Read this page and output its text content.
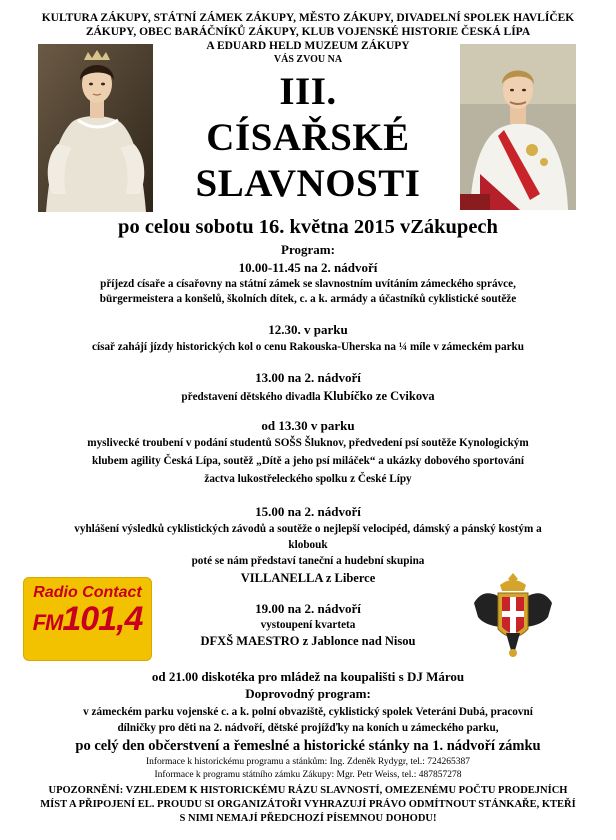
KULTURA ZÁKUPY, STÁTNÍ ZÁMEK ZÁKUPY, MĚSTO ZÁKUPY, DIVADELNÍ SPOLEK HAVLÍČEK
ZÁKUPY, OBEC BARÁČNÍKŮ ZÁKUPY, KLUB VOJENSKÉ HISTORIE ČESKÁ LÍPA
A EDUARD HELD MUZEUM ZÁKUPY
VÁS ZVOU NA
III.
CÍSAŘSKÉ
SLAVNOSTI
po celou sobotu 16. května 2015 vZákupech
Program:
10.00-11.45 na 2. nádvoří
příjezd císaře a císařovny na státní zámek se slavnostním uvítáním zámeckého správce,
bürgermeistera a konšelů, školních dítek, c. a k. armády a účastníků cyklistické soutěže
12.30. v parku
císař zahájí jízdy historických kol o cenu Rakouska-Uherska na ¼ míle v zámeckém parku
13.00 na 2. nádvoří
představení dětského divadla Klubíčko ze Cvikova
od 13.30 v parku
myslivecké troubení v podání studentů SOŠS Šluknov, předvedení psí soutěže Kynologickým
klubem agility Česká Lípa, soutěž „Dítě a jeho psí miláček“ a ukázky dobového sportování
žactva lukostřeleckého spolku z České Lípy
15.00 na 2. nádvoří
vyhlášení výsledků cyklistických závodů a soutěže o nejlepší velocipéd, dámský a pánský kostým a
klobouk
poté se nám představí taneční a hudební skupina
VILLANELLA z Liberce
19.00 na 2. nádvoří
vystoupení kvarteta
DFXŠ MAESTRO z Jablonce nad Nisou
od 21.00 diskotéka pro mládež na koupališti s DJ Márou
Doprovodný program:
v zámeckém parku vojenské c. a k. polní obvaziště, cyklistický spolek Veteráni Dubá, pracovní
dílničky pro děti na 2. nádvoří, dětské projížďky na koních u zámeckého parku,
po celý den občerstvení a řemeslné a historické stánky na 1. nádvoří zámku
Informace k historickému programu a stánkům: Ing. Zdeněk Rydygr, tel.: 724265387
Informace k programu státního zámku Zákupy: Mgr. Petr Weiss, tel.: 487857278
UPOZORNĚNÍ: VZHLEDEM K HISTORICKÉMU RÁZU SLAVNOSTÍ, OMEZENÉMU POČTU PRODEJNÍCH
MÍST A PŘIPOJENÍ EL. PROUDU SI ORGANIZÁTOŘI VYHRAZUJÍ PRÁVO ODMÍTNOUT STÁNKAŘE, KTEŘÍ
S NIMI NEMAJÍ PŘEDCHOZÍ PÍSEMNOU DOHODU!
Radio Contact
FM101,4
